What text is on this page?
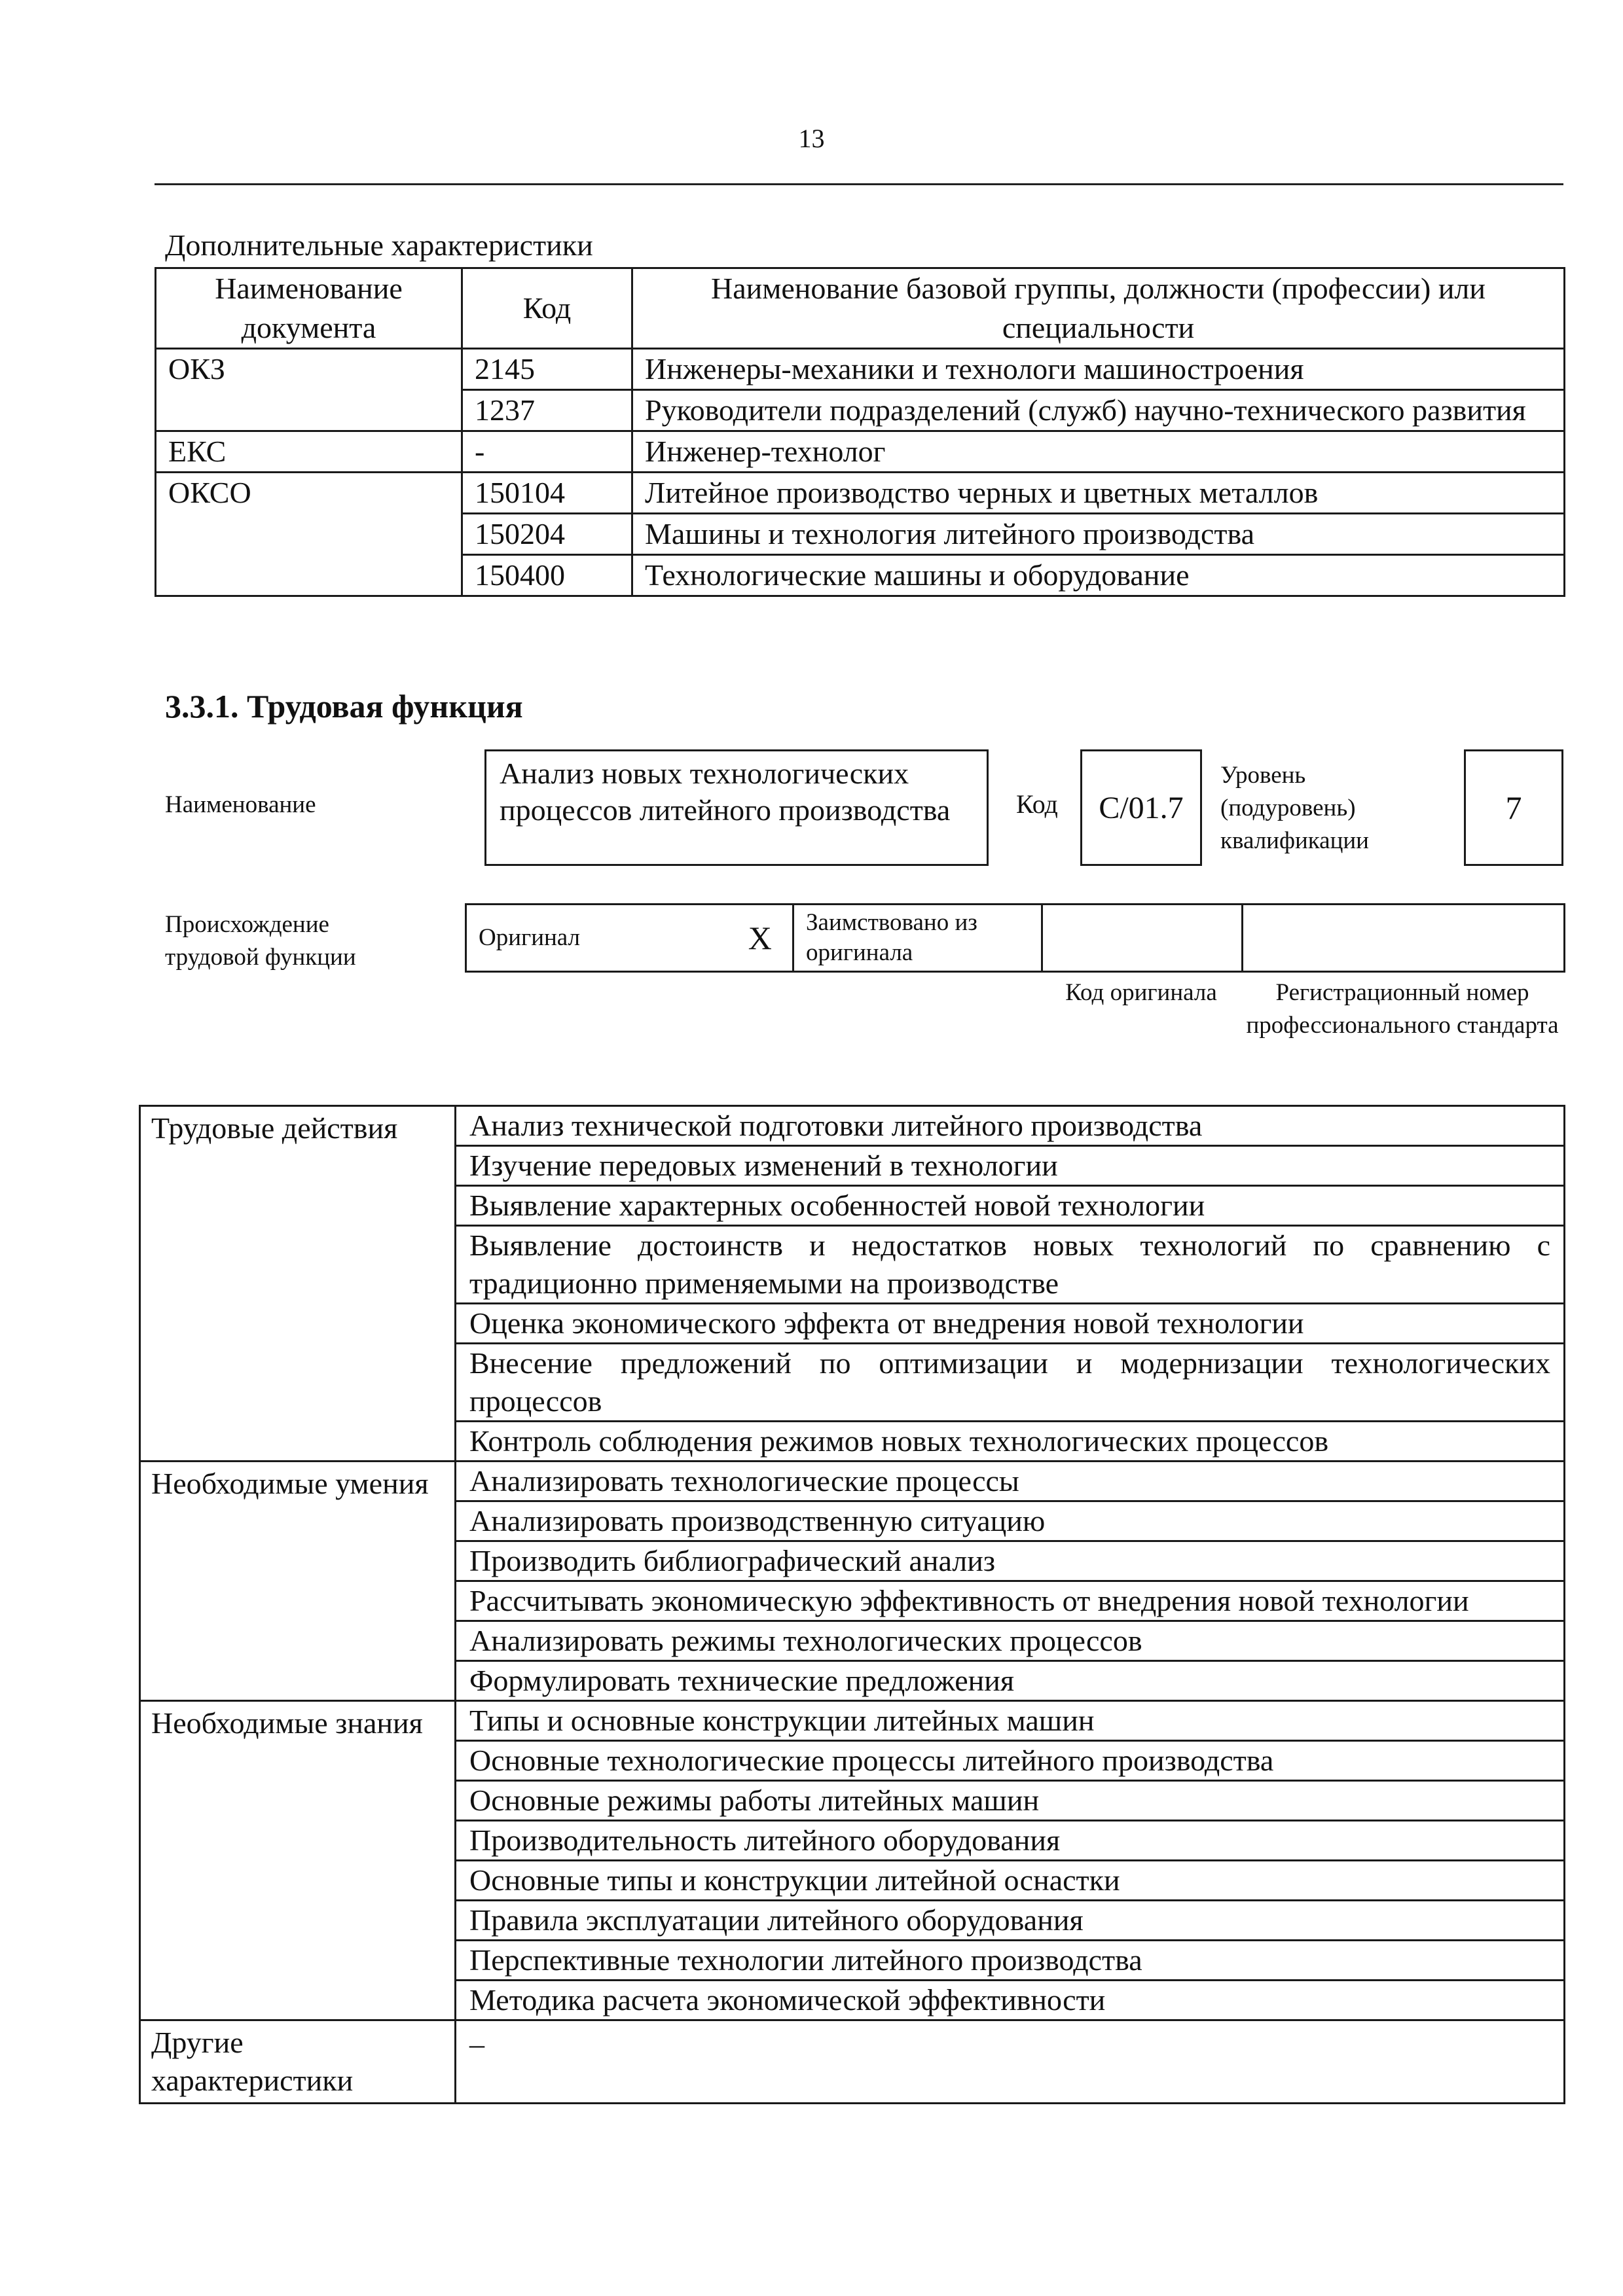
13
Дополнительные характеристики
Наименование документа	Код	Наименование базовой группы, должности (профессии) или специальности
ОКЗ	2145	Инженеры-механики и технологи машиностроения
	1237	Руководители подразделений (служб) научно-технического развития
ЕКС	-	Инженер-технолог
ОКСО	150104	Литейное производство черных и цветных металлов
	150204	Машины и технология литейного производства
	150400	Технологические машины и оборудование
3.3.1. Трудовая функция
Наименование
Анализ новых технологических процессов литейного производства	Код	C/01.7
Уровень (подуровень) квалификации
7
Происхождение трудовой функции
Оригинал	X	Заимствовано из оригинала		
Код оригинала	Регистрационный номер профессионального стандарта
Трудовые действия	Анализ технической подготовки литейного производства
	Изучение передовых изменений в технологии
	Выявление характерных особенностей новой технологии
	Выявление достоинств и недостатков новых технологий по сравнению с традиционно применяемыми на производстве
	Оценка экономического эффекта от внедрения новой технологии
	Внесение предложений по оптимизации и модернизации технологических процессов
	Контроль соблюдения режимов новых технологических процессов
Необходимые умения	Анализировать технологические процессы
	Анализировать производственную ситуацию
	Производить библиографический анализ
	Рассчитывать экономическую эффективность от внедрения новой технологии
	Анализировать режимы технологических процессов
	Формулировать технические предложения
Необходимые знания	Типы и основные конструкции литейных машин
	Основные технологические процессы литейного производства
	Основные режимы работы литейных машин
	Производительность литейного оборудования
	Основные типы и конструкции литейной оснастки
	Правила эксплуатации литейного оборудования
	Перспективные технологии литейного производства
	Методика расчета экономической эффективности
Другие характеристики	–
